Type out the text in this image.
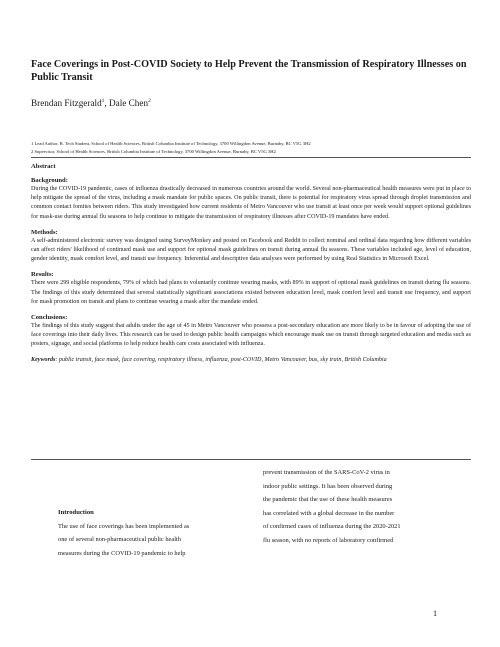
Face Coverings in Post-COVID Society to Help Prevent the Transmission of Respiratory Illnesses on Public Transit
Brendan Fitzgerald$^1$, Dale Chen$^2$
1 Lead Author, B. Tech Student, School of Health Sciences, British Columbia Institute of Technology, 3700 Willingdon Avenue, Burnaby, BC V5G 3H2
2 Supervisor, School of Health Sciences, British Columbia Institute of Technology, 3700 Willingdon Avenue, Burnaby, BC V5G 3H2

Abstract

Background:

During the COVID-19 pandemic, cases of influenza drastically decreased in numerous countries around the world. Several non-pharmaceutical health measures were put in place to help mitigate the spread of the virus, including a mask mandate for public spaces. On public transit, there is potential for respiratory virus spread through droplet transmission and common contact fomites between riders. This study investigated how current residents of Metro Vancouver who use transit at least once per week would support optional guidelines for mask-use during annual flu seasons to help continue to mitigate the transmission of respiratory illnesses after COVID-19 mandates have ended.

Methods:

A self-administered electronic survey was designed using SurveyMonkey and posted on Facebook and Reddit to collect nominal and ordinal data regarding how different variables can affect riders' likelihood of continued mask use and support for optional mask guidelines on transit during annual flu seasons. These variables included age, level of education, gender identity, mask comfort level, and transit use frequency. Inferential and descriptive data analyses were performed by using Real Statistics in Microsoft Excel.

Results:

There were 299 eligible respondents, 79% of which had plans to voluntarily continue wearing masks, with 89% in support of optional mask guidelines on transit during flu seasons. The findings of this study determined that several statistically significant associations existed between education level, mask comfort level and transit use frequency, and support for mask promotion on transit and plans to continue wearing a mask after the mandate ended.

Conclusions:

The findings of this study suggest that adults under the age of 45 in Metro Vancouver who possess a post-secondary education are more likely to be in favour of adopting the use of face coverings into their daily lives. This research can be used to design public health campaigns which encourage mask use on transit through targeted education and media such as posters, signage, and social platforms to help reduce health care costs associated with influenza.

Keywords: public transit, face mask, face covering, respiratory illness, influenza, post-COVID, Metro Vancouver, bus, sky train, British Columbia

Introduction

The use of face coverings has been implemented as

one of several non-pharmaceutical public health

measures during the COVID-19 pandemic to help

prevent transmission of the SARS-CoV-2 virus in

indoor public settings. It has been observed during

the pandemic that the use of these health measures

has correlated with a global decrease in the number

of confirmed cases of influenza during the 2020-2021

flu season, with no reports of laboratory confirmed

1
